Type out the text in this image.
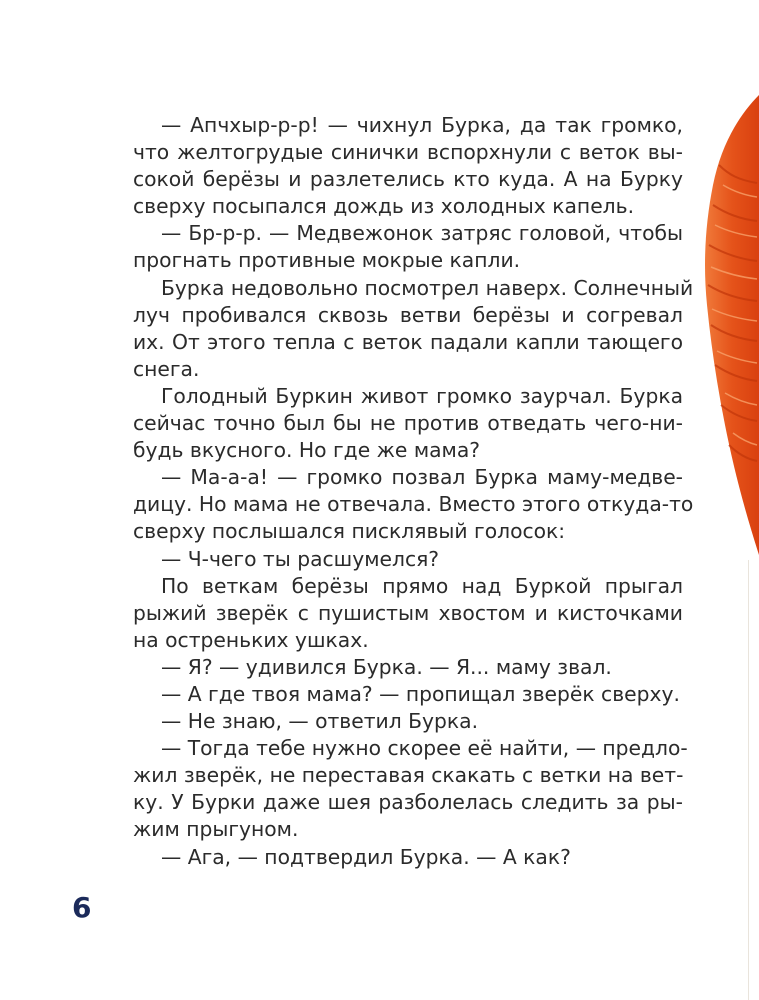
— Апчхыр-р-р! — чихнул Бурка, да так громко,
что желтогрудые синички вспорхнули с веток вы-
сокой берёзы и разлетелись кто куда. А на Бурку
сверху посыпался дождь из холодных капель.
— Бр-р-р. — Медвежонок затряс головой, чтобы
прогнать противные мокрые капли.
Бурка недовольно посмотрел наверх. Солнечный
луч пробивался сквозь ветви берёзы и согревал
их. От этого тепла с веток падали капли тающего
снега.
Голодный Буркин живот громко заурчал. Бурка
сейчас точно был бы не против отведать чего-ни-
будь вкусного. Но где же мама?
— Ма-а-а! — громко позвал Бурка маму-медве-
дицу. Но мама не отвечала. Вместо этого откуда-то
сверху послышался писклявый голосок:
— Ч-чего ты расшумелся?
По веткам берёзы прямо над Буркой прыгал
рыжий зверёк с пушистым хвостом и кисточками
на остреньких ушках.
— Я? — удивился Бурка. — Я... маму звал.
— А где твоя мама? — пропищал зверёк сверху.
— Не знаю, — ответил Бурка.
— Тогда тебе нужно скорее её найти, — предло-
жил зверёк, не переставая скакать с ветки на вет-
ку. У Бурки даже шея разболелась следить за ры-
жим прыгуном.
— Ага, — подтвердил Бурка. — А как?
6
